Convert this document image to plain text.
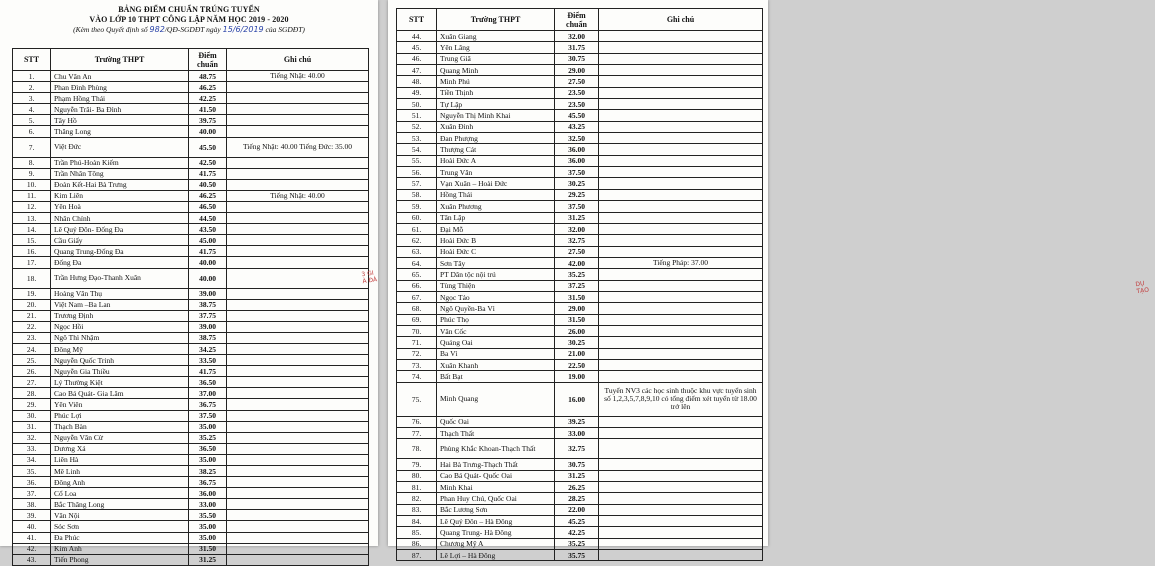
BẢNG ĐIỂM CHUẨN TRÚNG TUYỂN
VÀO LỚP 10 THPT CÔNG LẬP NĂM HỌC 2019 - 2020
(Kèm theo Quyết định số 982/QĐ-SGDĐT ngày 15/6/2019 của SGDĐT)
STT	Trường THPT	Điểm chuẩn	Ghi chú
1.	Chu Văn An	48.75	Tiếng Nhật: 40.00
2.	Phan Đình Phùng	46.25	
3.	Phạm Hồng Thái	42.25	
4.	Nguyễn Trãi- Ba Đình	41.50	
5.	Tây Hồ	39.75	
6.	Thăng Long	40.00	
7.	Việt Đức	45.50	Tiếng Nhật: 40.00 Tiếng Đức: 35.00
8.	Trần Phú-Hoàn Kiếm	42.50	
9.	Trần Nhân Tông	41.75	
10.	Đoàn Kết-Hai Bà Trưng	40.50	
11.	Kim Liên	46.25	Tiếng Nhật: 40.00
12.	Yên Hoà	46.50	
13.	Nhân Chính	44.50	
14.	Lê Quý Đôn- Đống Đa	43.50	
15.	Cầu Giấy	45.00	
16.	Quang Trung-Đống Đa	41.75	
17.	Đống Đa	40.00	
18.	Trần Hưng Đạo-Thanh Xuân	40.00	
19.	Hoàng Văn Thụ	39.00	
20.	Việt Nam –Ba Lan	38.75	
21.	Trương Định	37.75	
22.	Ngọc Hồi	39.00	
23.	Ngô Thì Nhậm	38.75	
24.	Đông Mỹ	34.25	
25.	Nguyễn Quốc Trinh	33.50	
26.	Nguyễn Gia Thiều	41.75	
27.	Lý Thường Kiệt	36.50	
28.	Cao Bá Quát- Gia Lâm	37.00	
29.	Yên Viên	36.75	
30.	Phúc Lợi	37.50	
31.	Thạch Bàn	35.00	
32.	Nguyễn Văn Cừ	35.25	
33.	Dương Xá	36.50	
34.	Liên Hà	35.00	
35.	Mê Linh	38.25	
36.	Đông Anh	36.75	
37.	Cổ Loa	36.00	
38.	Bắc Thăng Long	33.00	
39.	Vân Nội	35.50	
40.	Sóc Sơn	35.00	
41.	Đa Phúc	35.00	
42.	Kim Anh	31.50	
43.	Tiến Phong	31.25	
3 GI À ĐÁ
STT	Trường THPT	Điểm chuẩn	Ghi chú
44.	Xuân Giang	32.00	
45.	Yên Lãng	31.75	
46.	Trung Giã	30.75	
47.	Quang Minh	29.00	
48.	Minh Phú	27.50	
49.	Tiền Thịnh	23.50	
50.	Tự Lập	23.50	
51.	Nguyễn Thị Minh Khai	45.50	
52.	Xuân Đỉnh	43.25	
53.	Đan Phượng	32.50	
54.	Thượng Cát	36.00	
55.	Hoài Đức A	36.00	
56.	Trung Văn	37.50	
57.	Vạn Xuân – Hoài Đức	30.25	
58.	Hồng Thái	29.25	
59.	Xuân Phương	37.50	
60.	Tân Lập	31.25	
61.	Đại Mỗ	32.00	
62.	Hoài Đức B	32.75	
63.	Hoài Đức C	27.50	
64.	Sơn Tây	42.00	Tiếng Pháp: 37.00
65.	PT Dân tộc nội trú	35.25	
66.	Tùng Thiện	37.25	
67.	Ngọc Tảo	31.50	
68.	Ngô Quyền-Ba Vì	29.00	
69.	Phúc Thọ	31.50	
70.	Vân Cốc	26.00	
71.	Quảng Oai	30.25	
72.	Ba Vì	21.00	
73.	Xuân Khanh	22.50	
74.	Bất Bạt	19.00	
75.	Minh Quang	16.00	Tuyển NV3 các học sinh thuộc khu vực tuyển sinh số 1,2,3,5,7,8,9,10 có tổng điểm xét tuyển từ 18.00 trở lên
76.	Quốc Oai	39.25	
77.	Thạch Thất	33.00	
78.	Phùng Khắc Khoan-Thạch Thất	32.75	
79.	Hai Bà Trưng-Thạch Thất	30.75	
80.	Cao Bá Quát- Quốc Oai	31.25	
81.	Minh Khai	26.25	
82.	Phan Huy Chú, Quốc Oai	28.25	
83.	Bắc Lương Sơn	22.00	
84.	Lê Quý Đôn – Hà Đông	45.25	
85.	Quang Trung- Hà Đông	42.25	
86.	Chương Mỹ A	35.25	
87.	Lê Lợi – Hà Đông	35.75	
DỤ TẠO
